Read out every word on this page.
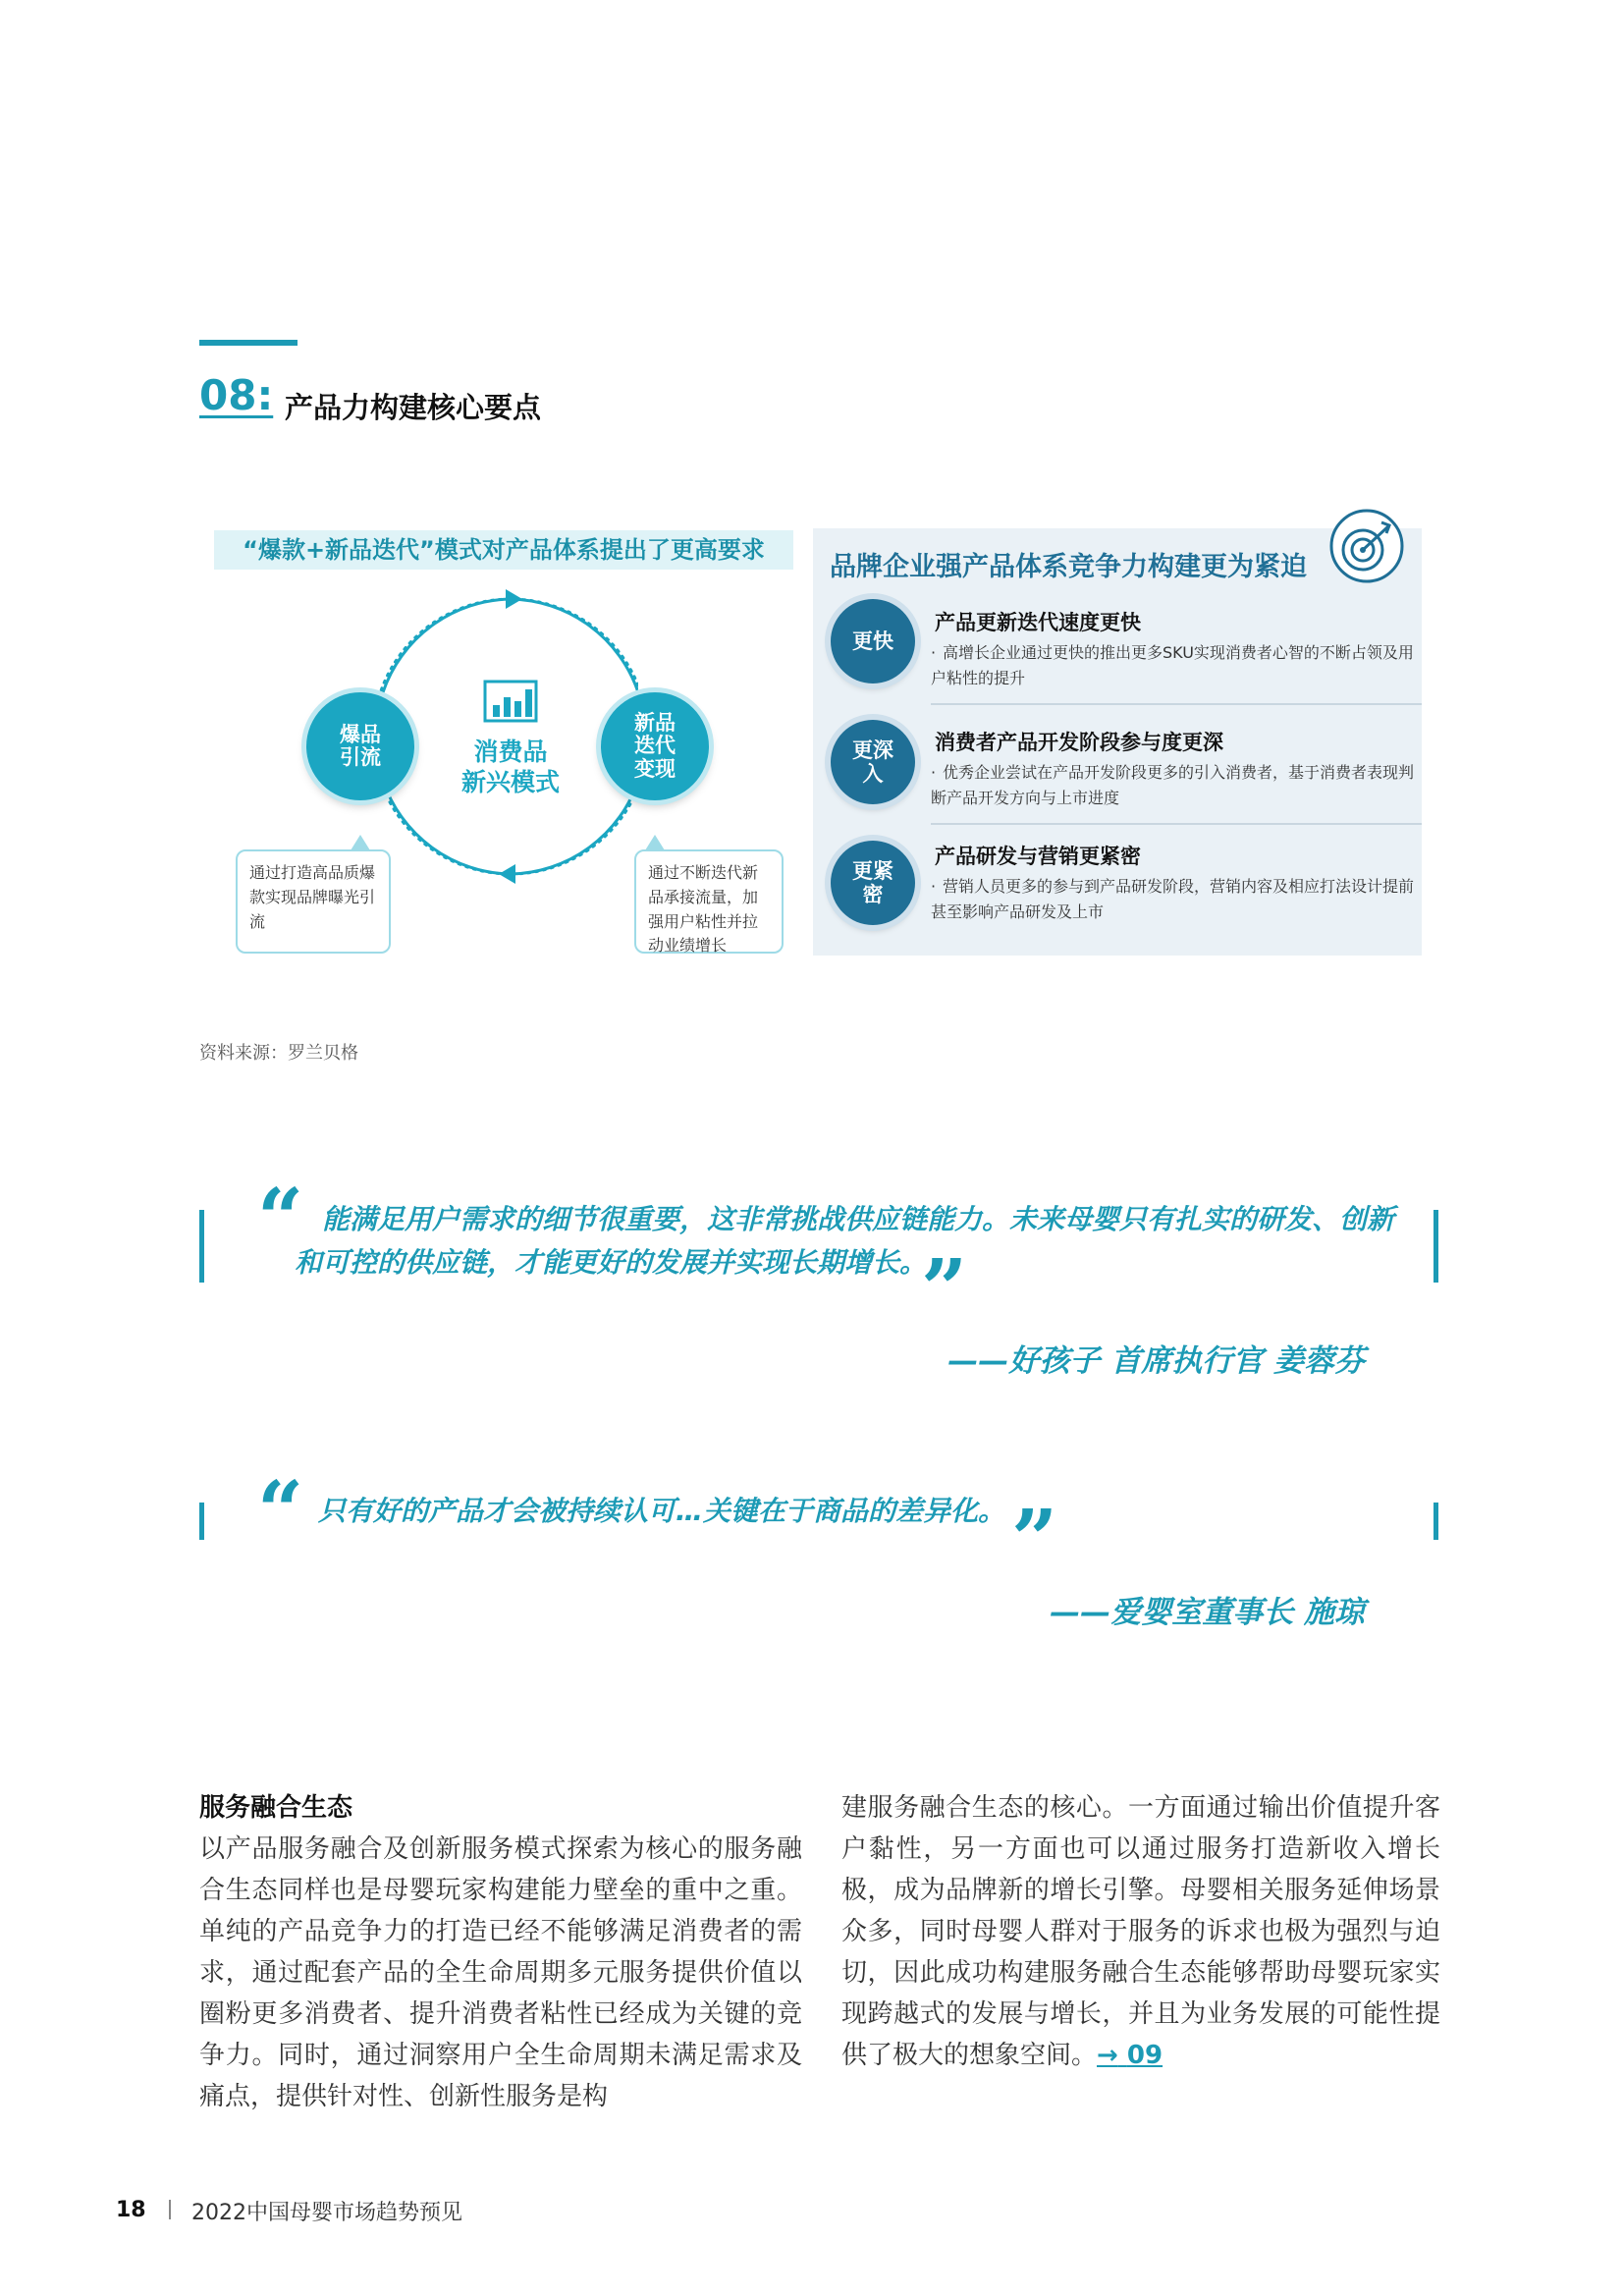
08: 产品力构建核心要点
“爆款+新品迭代”模式对产品体系提出了更高要求
爆品
引流
新品
迭代
变现
消费品
新兴模式
通过打造高品质爆款实现品牌曝光引流
通过不断迭代新品承接流量，加强用户粘性并拉动业绩增长
品牌企业强产品体系竞争力构建更为紧迫
更快
产品更新迭代速度更快
· 高增长企业通过更快的推出更多SKU实现消费者心智的不断占领及用户粘性的提升
更深
入
消费者产品开发阶段参与度更深
· 优秀企业尝试在产品开发阶段更多的引入消费者，基于消费者表现判断产品开发方向与上市进度
更紧
密
产品研发与营销更紧密
· 营销人员更多的参与到产品研发阶段，营销内容及相应打法设计提前甚至影响产品研发及上市
资料来源：罗兰贝格
“ 能满足用户需求的细节很重要，这非常挑战供应链能力。未来母婴只有扎实的研发、创新
和可控的供应链，才能更好的发展并实现长期增长。
”
——好孩子 首席执行官 姜蓉芬
“ 只有好的产品才会被持续认可…关键在于商品的差异化。 ”
——爱婴室董事长 施琼
服务融合生态
以产品服务融合及创新服务模式探索为核心的服务融合生态同样也是母婴玩家构建能力壁垒的重中之重。单纯的产品竞争力的打造已经不能够满足消费者的需求，通过配套产品的全生命周期多元服务提供价值以圈粉更多消费者、提升消费者粘性已经成为关键的竞争力。同时，通过洞察用户全生命周期未满足需求及痛点，提供针对性、创新性服务是构
建服务融合生态的核心。一方面通过输出价值提升客户黏性，另一方面也可以通过服务打造新收入增长极，成为品牌新的增长引擎。母婴相关服务延伸场景众多，同时母婴人群对于服务的诉求也极为强烈与迫切，因此成功构建服务融合生态能够帮助母婴玩家实现跨越式的发展与增长，并且为业务发展的可能性提供了极大的想象空间。→ 09
18 2022中国母婴市场趋势预见
